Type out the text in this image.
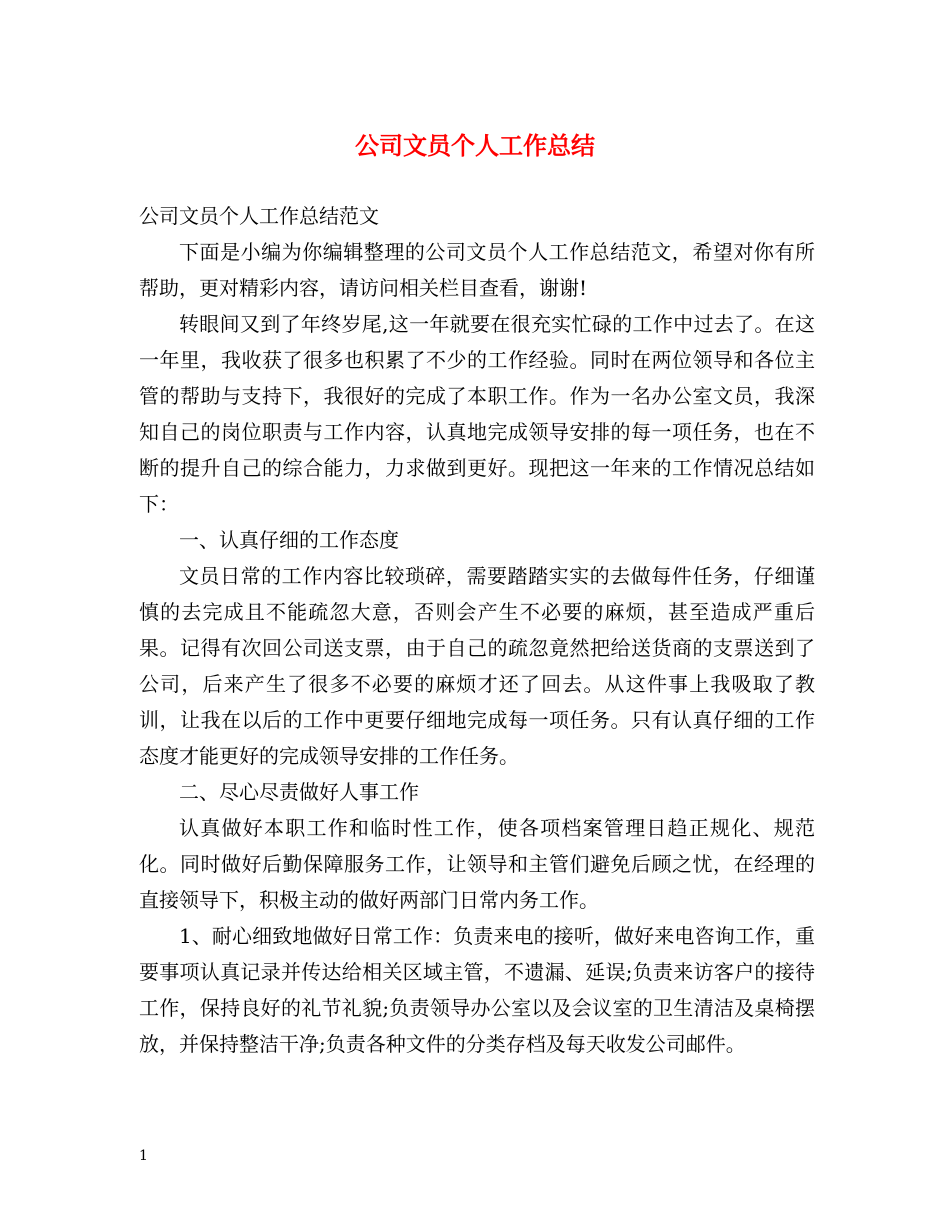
公司文员个人工作总结

公司文员个人工作总结范文

下面是小编为你编辑整理的公司文员个人工作总结范文，希望对你有所帮助，更对精彩内容，请访问相关栏目查看，谢谢!

转眼间又到了年终岁尾,这一年就要在很充实忙碌的工作中过去了。在这一年里，我收获了很多也积累了不少的工作经验。同时在两位领导和各位主管的帮助与支持下，我很好的完成了本职工作。作为一名办公室文员，我深知自己的岗位职责与工作内容，认真地完成领导安排的每一项任务，也在不断的提升自己的综合能力，力求做到更好。现把这一年来的工作情况总结如下：

一、认真仔细的工作态度

文员日常的工作内容比较琐碎，需要踏踏实实的去做每件任务，仔细谨慎的去完成且不能疏忽大意，否则会产生不必要的麻烦，甚至造成严重后果。记得有次回公司送支票，由于自己的疏忽竟然把给送货商的支票送到了公司，后来产生了很多不必要的麻烦才还了回去。从这件事上我吸取了教训，让我在以后的工作中更要仔细地完成每一项任务。只有认真仔细的工作态度才能更好的完成领导安排的工作任务。

二、尽心尽责做好人事工作

认真做好本职工作和临时性工作，使各项档案管理日趋正规化、规范化。同时做好后勤保障服务工作，让领导和主管们避免后顾之忧，在经理的直接领导下，积极主动的做好两部门日常内务工作。

1、耐心细致地做好日常工作：负责来电的接听，做好来电咨询工作，重要事项认真记录并传达给相关区域主管，不遗漏、延误;负责来访客户的接待工作，保持良好的礼节礼貌;负责领导办公室以及会议室的卫生清洁及桌椅摆放，并保持整洁干净;负责各种文件的分类存档及每天收发公司邮件。

1
